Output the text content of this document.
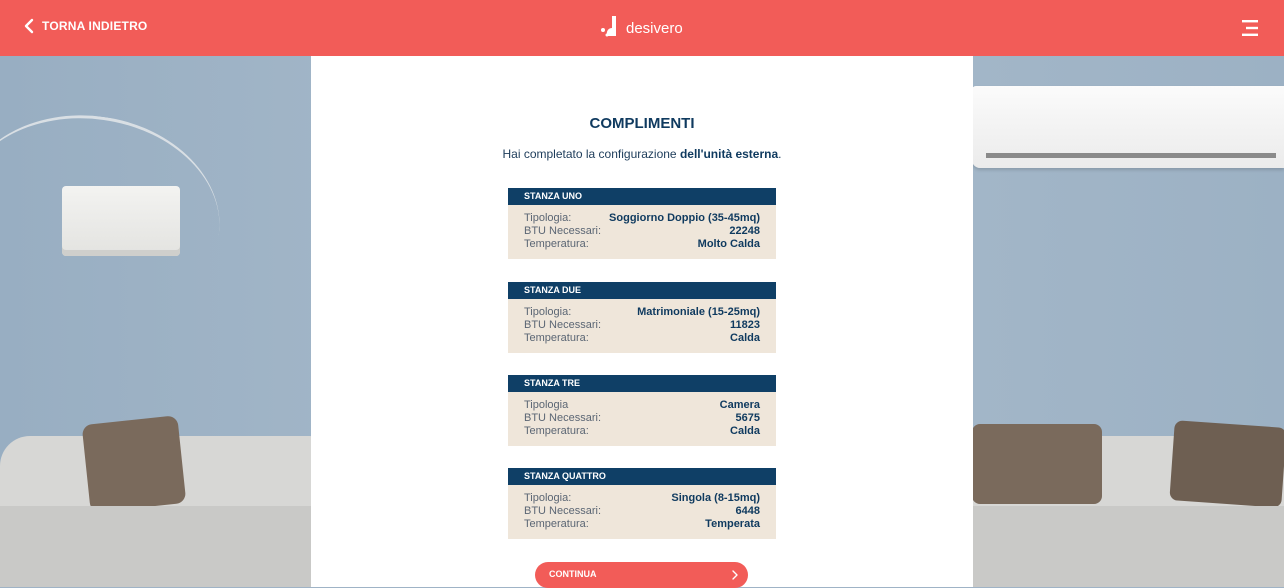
TORNA INDIETRO	desivero
COMPLIMENTI
Hai completato la configurazione dell'unità esterna.
STANZA UNO
Tipologia:	Soggiorno Doppio (35-45mq)
BTU Necessari:	22248
Temperatura:	Molto Calda
STANZA DUE
Tipologia:	Matrimoniale (15-25mq)
BTU Necessari:	11823
Temperatura:	Calda
STANZA TRE
Tipologia	Camera
BTU Necessari:	5675
Temperatura:	Calda
STANZA QUATTRO
Tipologia:	Singola (8-15mq)
BTU Necessari:	6448
Temperatura:	Temperata
CONTINUA
